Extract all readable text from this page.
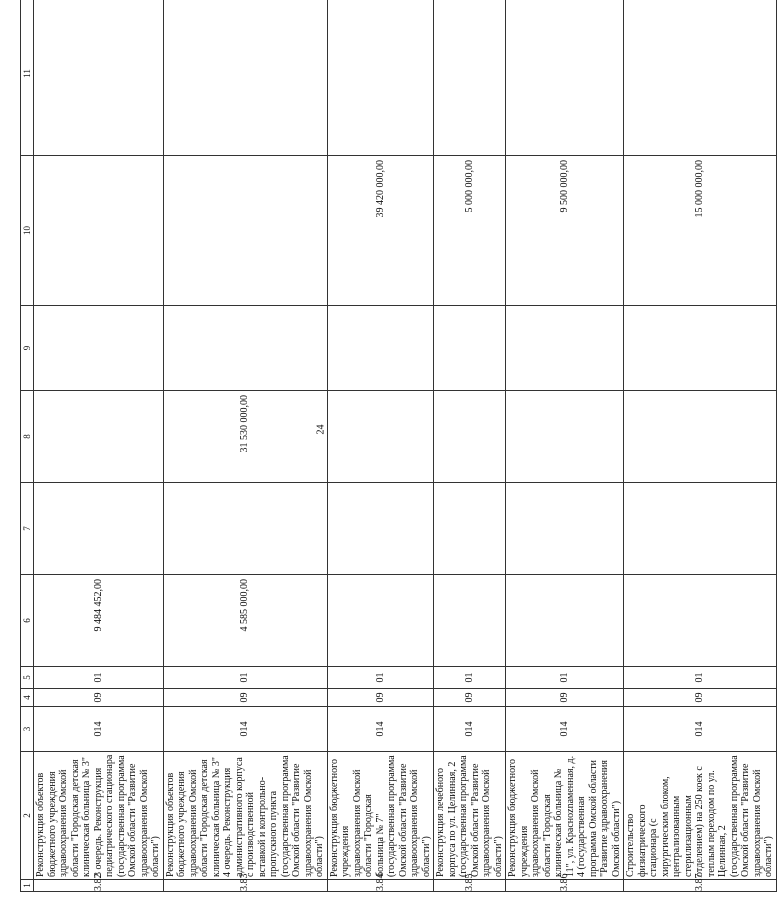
24
1	2	3	4	5	6	7	8	9	10	11
3.82	Реконструкция объектов бюджетного учреждения здравоохранения Омской области "Городская детская клиническая больница № 3" 3 очередь. Реконструкция педиатрического стационара (государственная программа Омской области "Развитие здравоохранения Омской области")	014	09	01	9 484 452,00					
3.83	Реконструкция объектов бюджетного учреждения здравоохранения Омской области "Городская детская клиническая больница № 3" 4 очередь. Реконструкция административного корпуса с производственной вставкой и контрольно-пропускного пункта (государственная программа Омской области "Развитие здравоохранения Омской области")	014	09	01	4 585 000,00		31 530 000,00			
3.84	Реконструкция бюджетного учреждения здравоохранения Омской области "Городская больница № 7" (государственная программа Омской области "Развитие здравоохранения Омской области")	014	09	01					39 420 000,00	
3.85	Реконструкция лечебного корпуса по ул. Целинная, 2 (государственная программа Омской области "Развитие здравоохранения Омской области")	014	09	01					5 000 000,00	
3.86	Реконструкция бюджетного учреждения здравоохранения Омской области "Городская клиническая больница № 11", ул. Красноznаменная, д. 4 (государственная программа Омской области "Развитие здравоохранения Омской области")	014	09	01					9 500 000,00	
3.87	Строительство физиатрического стационара (с хирургическим блоком, централизованным стерилизационным отделением) на 250 коек с теплым переходом по ул. Целинная, 2 (государственная программа Омской области "Развитие здравоохранения Омской области")	014	09	01					15 000 000,00	
